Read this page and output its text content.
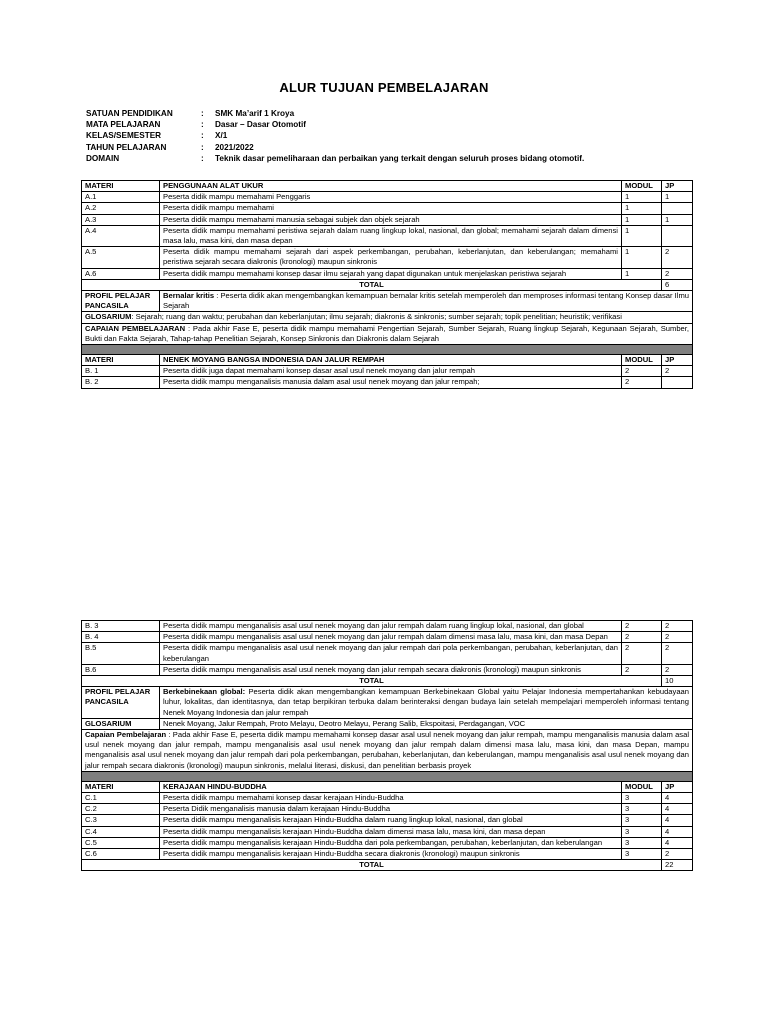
ALUR TUJUAN PEMBELAJARAN
SATUAN PENDIDIKAN	:	SMK Ma’arif 1 Kroya
MATA PELAJARAN	:	Dasar – Dasar Otomotif
KELAS/SEMESTER	:	X/1
TAHUN PELAJARAN	:	2021/2022
DOMAIN	:	Teknik dasar pemeliharaan dan perbaikan yang terkait dengan seluruh proses bidang otomotif.
MATERI	PENGGUNAAN ALAT UKUR	MODUL	JP
A.1	Peserta didik mampu memahami Penggaris	1	1
A.2	Peserta didik mampu memahami	1	
A.3	Peserta didik mampu memahami manusia sebagai subjek dan objek sejarah	1	1
A.4	Peserta didik mampu memahami peristiwa sejarah dalam ruang lingkup lokal, nasional, dan global; memahami sejarah dalam dimensi masa lalu, masa kini, dan masa depan	1	
A.5	Peserta didik mampu memahami sejarah dari aspek perkembangan, perubahan, keberlanjutan, dan keberulangan; memahami peristiwa sejarah secara diakronis (kronologi) maupun sinkronis	1	2
A.6	Peserta didik mampu memahami konsep dasar ilmu sejarah yang dapat digunakan untuk menjelaskan peristiwa sejarah	1	2
TOTAL			6
PROFIL PELAJAR PANCASILA	Bernalar kritis : Peserta didik akan mengembangkan kemampuan bernalar kritis setelah memperoleh dan memproses informasi tentang Konsep dasar Ilmu Sejarah		
GLOSARIUM: Sejarah; ruang dan waktu; perubahan dan keberlanjutan; ilmu sejarah; diakronis & sinkronis; sumber sejarah; topik penelitian; heuristik; verifikasi			
CAPAIAN PEMBELAJARAN : Pada akhir Fase E, peserta didik mampu memahami Pengertian Sejarah, Sumber Sejarah, Ruang lingkup Sejarah, Kegunaan Sejarah, Sumber, Bukti dan Fakta Sejarah, Tahap-tahap Penelitian Sejarah, Konsep Sinkronis dan Diakronis dalam Sejarah			

MATERI	NENEK MOYANG BANGSA INDONESIA DAN JALUR REMPAH	MODUL	JP
B. 1	Peserta didik juga dapat memahami konsep dasar asal usul nenek moyang dan jalur rempah	2	2
B. 2	Peserta didik mampu menganalisis manusia dalam asal usul nenek moyang dan jalur rempah;	2	
B. 3	Peserta didik mampu menganalisis asal usul nenek moyang dan jalur rempah dalam ruang lingkup lokal, nasional, dan global	2	2
B. 4	Peserta didik mampu menganalisis asal usul nenek moyang dan jalur rempah dalam dimensi masa lalu, masa kini, dan masa Depan	2	2
B.5	Peserta didik mampu menganalisis asal usul nenek moyang dan jalur rempah dari pola perkembangan, perubahan, keberlanjutan, dan keberulangan	2	2
B.6	Peserta didik mampu menganalisis asal usul nenek moyang dan jalur rempah secara diakronis (kronologi) maupun sinkronis	2	2
TOTAL			10
PROFIL PELAJAR PANCASILA	Berkebinekaan global: Peserta didik akan mengembangkan kemampuan Berkebinekaan Global yaitu Pelajar Indonesia mempertahankan kebudayaan luhur, lokalitas, dan identitasnya, dan tetap berpikiran terbuka dalam berinteraksi dengan budaya lain setelah mempelajari memperoleh informasi tentang Nenek Moyang Indonesia dan jalur rempah		
GLOSARIUM	Nenek Moyang, Jalur Rempah, Proto Melayu, Deotro Melayu, Perang Salib, Ekspoitasi, Perdagangan, VOC		
Capaian Pembelajaran : Pada akhir Fase E, peserta didik mampu memahami konsep dasar asal usul nenek moyang dan jalur rempah, mampu menganalisis manusia dalam asal usul nenek moyang dan jalur rempah, mampu menganalisis asal usul nenek moyang dan jalur rempah dalam dimensi masa lalu, masa kini, dan masa Depan, mampu menganalisis asal usul nenek moyang dan jalur rempah dari pola perkembangan, perubahan, keberlanjutan, dan keberulangan, mampu menganalisis asal usul nenek moyang dan jalur rempah secara diakronis (kronologi) maupun sinkronis, melalui literasi, diskusi, dan penelitian berbasis proyek			

MATERI	KERAJAAN HINDU-BUDDHA	MODUL	JP
C.1	Peserta didik mampu memahami konsep dasar kerajaan Hindu-Buddha	3	4
C.2	Peserta Didik menganalisis manusia dalam kerajaan Hindu-Buddha	3	4
C.3	Peserta didik mampu menganalisis kerajaan Hindu-Buddha dalam ruang lingkup lokal, nasional, dan global	3	4
C.4	Peserta didik mampu menganalisis kerajaan Hindu-Buddha dalam dimensi masa lalu, masa kini, dan masa depan	3	4
C.5	Peserta didik mampu menganalisis kerajaan Hindu-Buddha dari pola perkembangan, perubahan, keberlanjutan, dan keberulangan	3	4
C.6	Peserta didik mampu menganalisis kerajaan Hindu-Buddha secara diakronis (kronologi) maupun sinkronis	3	2
TOTAL			22
